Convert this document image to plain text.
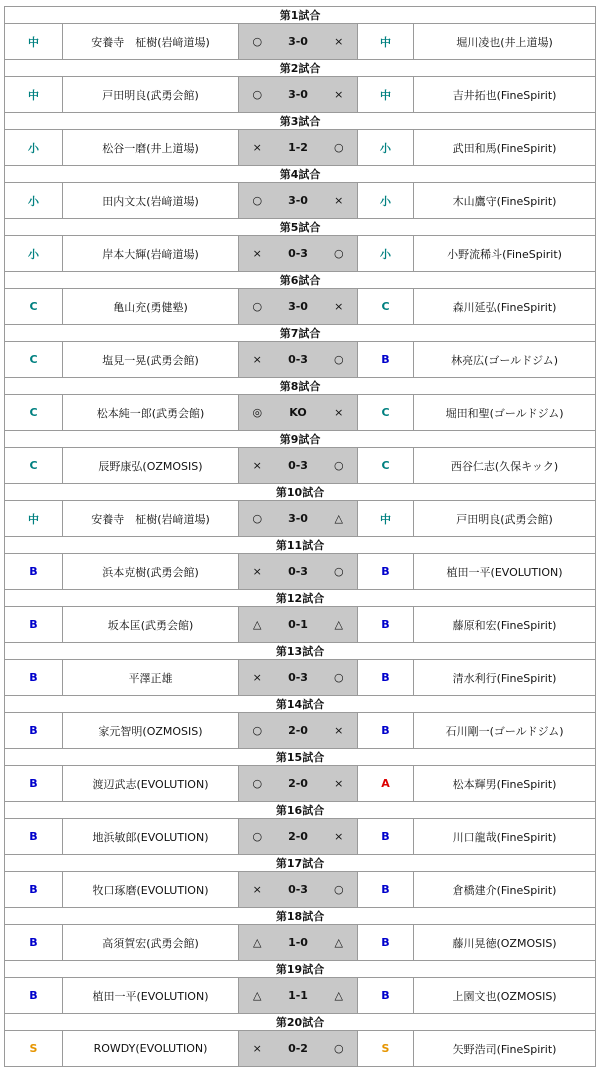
第1試合						
中	安養寺　柾樹(岩﨑道場)	○	3-0	×	中	堀川凌也(井上道場)
第2試合						
中	戸田明良(武勇会館)	○	3-0	×	中	吉井拓也(FineSpirit)
第3試合						
小	松谷一磨(井上道場)	×	1-2	○	小	武田和馬(FineSpirit)
第4試合						
小	田内文太(岩﨑道場)	○	3-0	×	小	木山鷹守(FineSpirit)
第5試合						
小	岸本大輝(岩﨑道場)	×	0-3	○	小	小野流稀斗(FineSpirit)
第6試合						
C	亀山充(勇健塾)	○	3-0	×	C	森川延弘(FineSpirit)
第7試合						
C	塩見一晃(武勇会館)	×	0-3	○	B	林亮広(ゴールドジム)
第8試合						
C	松本純一郎(武勇会館)	◎	KO	×	C	堀田和聖(ゴールドジム)
第9試合						
C	辰野康弘(OZMOSIS)	×	0-3	○	C	西谷仁志(久保キック)
第10試合						
中	安養寺　柾樹(岩﨑道場)	○	3-0	△	中	戸田明良(武勇会館)
第11試合						
B	浜本克樹(武勇会館)	×	0-3	○	B	植田一平(EVOLUTION)
第12試合						
B	坂本匡(武勇会館)	△	0-1	△	B	藤原和宏(FineSpirit)
第13試合						
B	平澤正雄	×	0-3	○	B	清水利行(FineSpirit)
第14試合						
B	家元智明(OZMOSIS)	○	2-0	×	B	石川剛一(ゴールドジム)
第15試合						
B	渡辺武志(EVOLUTION)	○	2-0	×	A	松本輝男(FineSpirit)
第16試合						
B	地浜敏郎(EVOLUTION)	○	2-0	×	B	川口龍哉(FineSpirit)
第17試合						
B	牧口琢磨(EVOLUTION)	×	0-3	○	B	倉橋建介(FineSpirit)
第18試合						
B	高須賀宏(武勇会館)	△	1-0	△	B	藤川晃徳(OZMOSIS)
第19試合						
B	植田一平(EVOLUTION)	△	1-1	△	B	上園文也(OZMOSIS)
第20試合						
S	ROWDY(EVOLUTION)	×	0-2	○	S	矢野浩司(FineSpirit)
